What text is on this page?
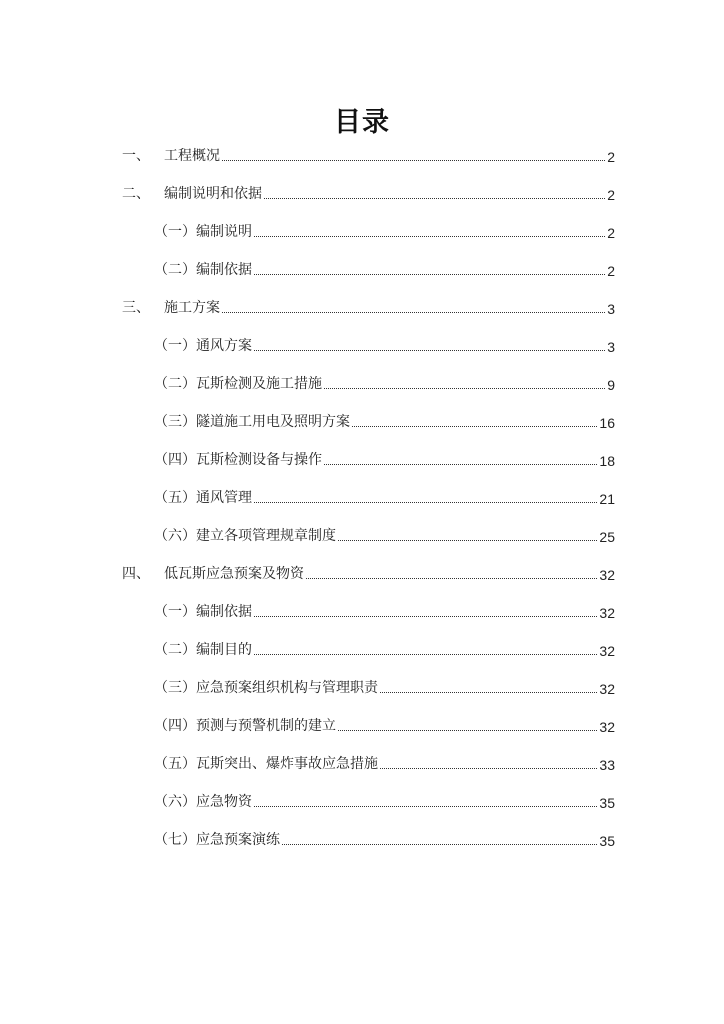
目录
一、	工程概况	2
二、	编制说明和依据	2
（一） 编制说明	2
（二） 编制依据	2
三、	施工方案	3
（一） 通风方案	3
（二） 瓦斯检测及施工措施	9
（三） 隧道施工用电及照明方案	16
（四） 瓦斯检测设备与操作	18
（五） 通风管理	21
（六） 建立各项管理规章制度	25
四、	低瓦斯应急预案及物资	32
（一） 编制依据	32
（二） 编制目的	32
（三） 应急预案组织机构与管理职责	32
（四） 预测与预警机制的建立	32
（五） 瓦斯突出、爆炸事故应急措施	33
（六） 应急物资	35
（七） 应急预案演练	35
